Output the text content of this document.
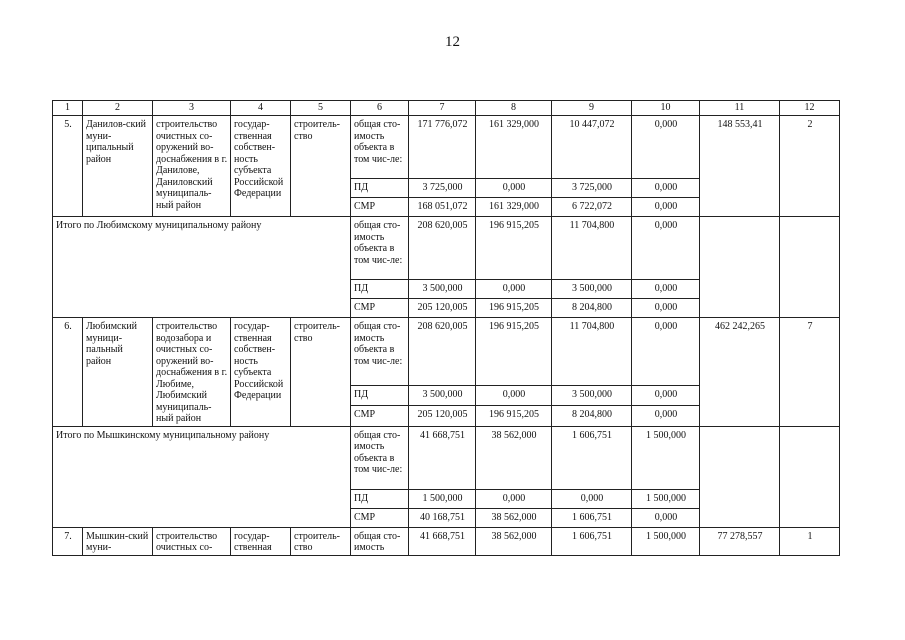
12
1	2	3	4	5	6	7	8	9	10	11	12
5.	Данилов-ский муни-ципальный район	строительство очистных со-оружений во-доснабжения в г. Данилове, Даниловский муниципаль-ный район	государ-ственная собствен-ность субъекта Российской Федерации	строитель-ство	общая сто-имость объекта в том чис-ле:	171 776,072	161 329,000	10 447,072	0,000	148 553,41	2
					ПД	3 725,000	0,000	3 725,000	0,000		
					СМР	168 051,072	161 329,000	6 722,072	0,000		
Итого по Любимскому муниципальному району					общая сто-имость объекта в том чис-ле:	208 620,005	196 915,205	11 704,800	0,000		
					ПД	3 500,000	0,000	3 500,000	0,000		
					СМР	205 120,005	196 915,205	8 204,800	0,000		
6.	Любимский муници-пальный район	строительство водозабора и очистных со-оружений во-доснабжения в г. Любиме, Любимский муниципаль-ный район	государ-ственная собствен-ность субъекта Российской Федерации	строитель-ство	общая сто-имость объекта в том чис-ле:	208 620,005	196 915,205	11 704,800	0,000	462 242,265	7
					ПД	3 500,000	0,000	3 500,000	0,000		
					СМР	205 120,005	196 915,205	8 204,800	0,000		
Итого по Мышкинскому муниципальному району					общая сто-имость объекта в том чис-ле:	41 668,751	38 562,000	1 606,751	1 500,000		
					ПД	1 500,000	0,000	0,000	1 500,000		
					СМР	40 168,751	38 562,000	1 606,751	0,000		
7.	Мышкин-ский муни-	строительство очистных со-	государ-ственная	строитель-ство	общая сто-имость	41 668,751	38 562,000	1 606,751	1 500,000	77 278,557	1
